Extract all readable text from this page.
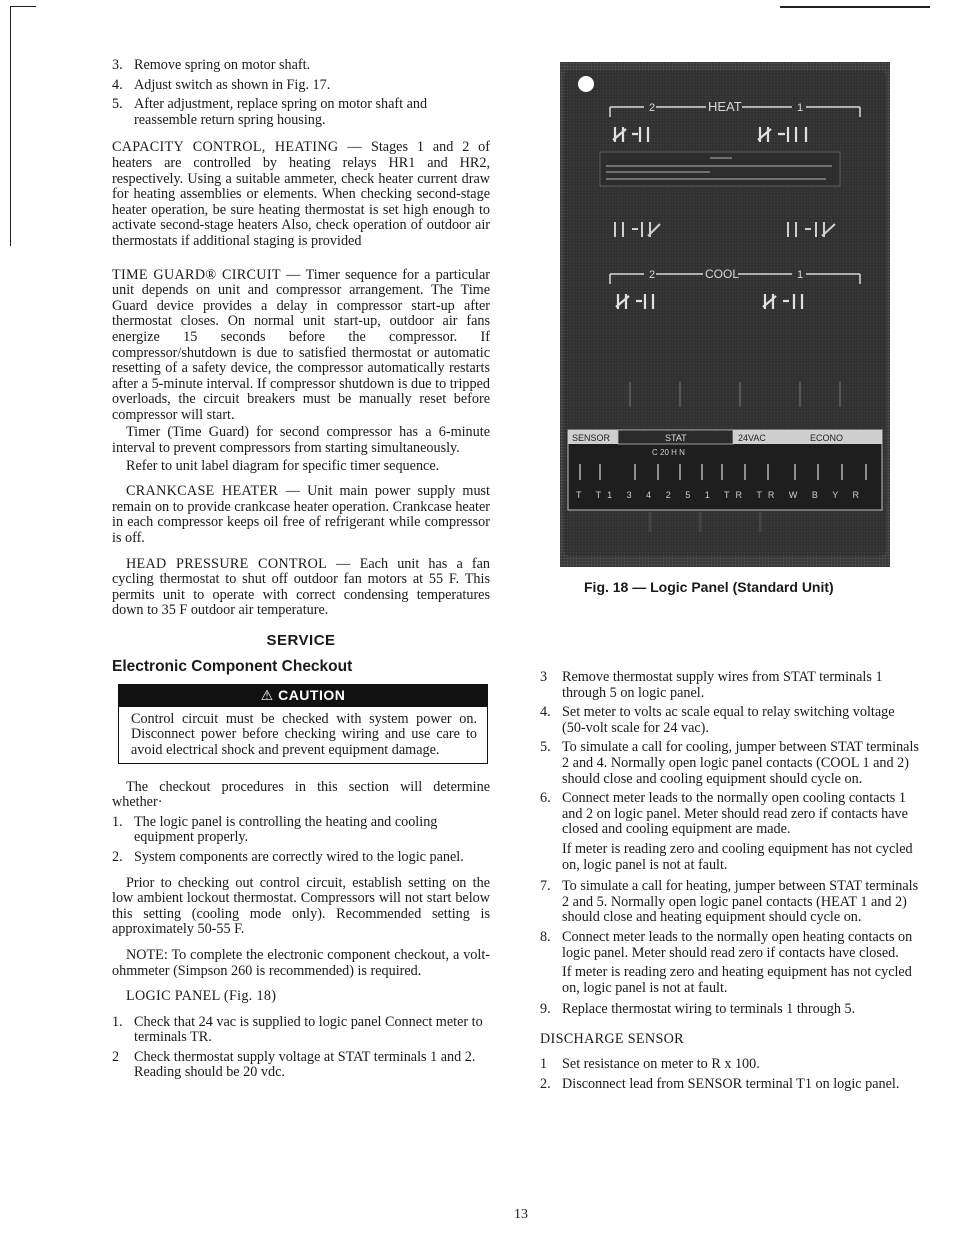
3. Remove spring on motor shaft.
4. Adjust switch as shown in Fig. 17.
5. After adjustment, replace spring on motor shaft and reassemble return spring housing.

CAPACITY CONTROL, HEATING — Stages 1 and 2 of heaters are controlled by heating relays HR1 and HR2, respectively. Using a suitable ammeter, check heater current draw for heating assemblies or elements. When checking second-stage heater operation, be sure heating thermostat is set high enough to activate second-stage heaters Also, check operation of outdoor air thermostats if additional staging is provided

TIME GUARD® CIRCUIT — Timer sequence for a particular unit depends on unit and compressor arrangement. The Time Guard device provides a delay in compressor start-up after thermostat closes. On normal unit start-up, outdoor air fans energize 15 seconds before the compressor. If compressor/shutdown is due to satisfied thermostat or automatic resetting of a safety device, the compressor automatically restarts after a 5-minute interval. If compressor shutdown is due to tripped overloads, the circuit breakers must be manually reset before compressor will start.

Timer (Time Guard) for second compressor has a 6-minute interval to prevent compressors from starting simultaneously.

Refer to unit label diagram for specific timer sequence.

CRANKCASE HEATER — Unit main power supply must remain on to provide crankcase heater operation. Crankcase heater in each compressor keeps oil free of refrigerant while compressor is off.

HEAD PRESSURE CONTROL — Each unit has a fan cycling thermostat to shut off outdoor fan motors at 55 F. This permits unit to operate with correct condensing temperatures down to 35 F outdoor air temperature.

SERVICE
Electronic Component Checkout
⚠ CAUTION
Control circuit must be checked with system power on. Disconnect power before checking wiring and use care to avoid electrical shock and prevent equipment damage.

The checkout procedures in this section will determine whether·

1. The logic panel is controlling the heating and cooling equipment properly.
2. System components are correctly wired to the logic panel.

Prior to checking out control circuit, establish setting on the low ambient lockout thermostat. Compressors will not start below this setting (cooling mode only). Recommended setting is approximately 50-55 F.

NOTE: To complete the electronic component checkout, a volt-ohmmeter (Simpson 260 is recommended) is required.

LOGIC PANEL (Fig. 18)

1. Check that 24 vac is supplied to logic panel Connect meter to terminals TR.
2	Check thermostat supply voltage at STAT terminals 1 and 2. Reading should be 20 vdc.
2	HEAT	1
2	COOL	1
SENSOR	STAT	24VAC	ECONO
C 20 H N
T T1 3 4 2 5 1 TR TR W B Y R
Fig. 18 — Logic Panel (Standard Unit)
3	Remove thermostat supply wires from STAT terminals 1 through 5 on logic panel.
4. Set meter to volts ac scale equal to relay switching voltage (50-volt scale for 24 vac).
5. To simulate a call for cooling, jumper between STAT terminals 2 and 4. Normally open logic panel contacts (COOL 1 and 2) should close and cooling equipment should cycle on.
6. Connect meter leads to the normally open cooling contacts 1 and 2 on logic panel. Meter should read zero if contacts have closed and cooling equipment are made.
If meter is reading zero and cooling equipment has not cycled on, logic panel is not at fault.
7. To simulate a call for heating, jumper between STAT terminals 2 and 5. Normally open logic panel contacts (HEAT 1 and 2) should close and heating equipment should cycle on.
8. Connect meter leads to the normally open heating contacts on logic panel. Meter should read zero if contacts have closed.
If meter is reading zero and heating equipment has not cycled on, logic panel is not at fault.
9. Replace thermostat wiring to terminals 1 through 5.
DISCHARGE SENSOR
1	Set resistance on meter to R x 100.
2. Disconnect lead from SENSOR terminal T1 on logic panel.
13
